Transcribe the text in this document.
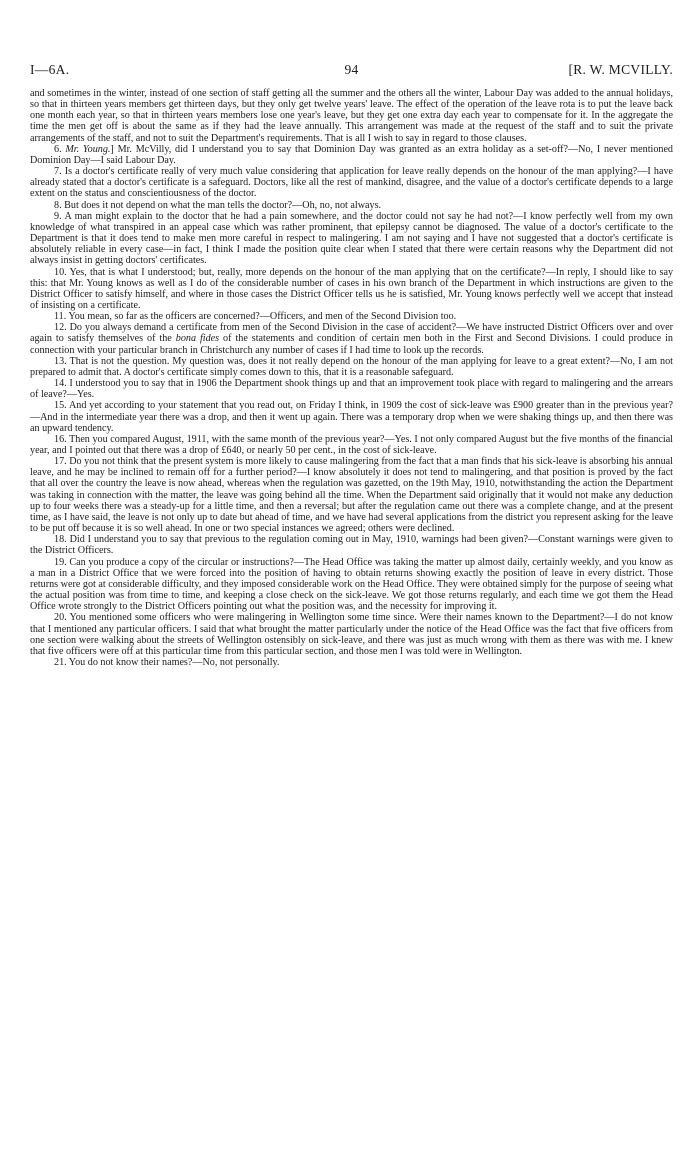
I—6A.	94	[R. W. MCVILLY.

and sometimes in the winter, instead of one section of staff getting all the summer and the others all the winter, Labour Day was added to the annual holidays, so that in thirteen years members get thirteen days, but they only get twelve years' leave. The effect of the operation of the leave rota is to put the leave back one month each year, so that in thirteen years members lose one year's leave, but they get one extra day each year to compensate for it. In the aggregate the time the men get off is about the same as if they had the leave annually. This arrangement was made at the request of the staff and to suit the private arrangements of the staff, and not to suit the Department's requirements. That is all I wish to say in regard to those clauses.

6. Mr. Young.] Mr. McVilly, did I understand you to say that Dominion Day was granted as an extra holiday as a set-off?—No, I never mentioned Dominion Day—I said Labour Day.

7. Is a doctor's certificate really of very much value considering that application for leave really depends on the honour of the man applying?—I have already stated that a doctor's certificate is a safeguard. Doctors, like all the rest of mankind, disagree, and the value of a doctor's certificate depends to a large extent on the status and conscientiousness of the doctor.

8. But does it not depend on what the man tells the doctor?—Oh, no, not always.

9. A man might explain to the doctor that he had a pain somewhere, and the doctor could not say he had not?—I know perfectly well from my own knowledge of what transpired in an appeal case which was rather prominent, that epilepsy cannot be diagnosed. The value of a doctor's certificate to the Department is that it does tend to make men more careful in respect to malingering. I am not saying and I have not suggested that a doctor's certificate is absolutely reliable in every case—in fact, I think I made the position quite clear when I stated that there were certain reasons why the Department did not always insist in getting doctors' certificates.

10. Yes, that is what I understood; but, really, more depends on the honour of the man applying that on the certificate?—In reply, I should like to say this: that Mr. Young knows as well as I do of the considerable number of cases in his own branch of the Department in which instructions are given to the District Officer to satisfy himself, and where in those cases the District Officer tells us he is satisfied, Mr. Young knows perfectly well we accept that instead of insisting on a certificate.

11. You mean, so far as the officers are concerned?—Officers, and men of the Second Division too.

12. Do you always demand a certificate from men of the Second Division in the case of accident?—We have instructed District Officers over and over again to satisfy themselves of the bona fides of the statements and condition of certain men both in the First and Second Divisions. I could produce in connection with your particular branch in Christchurch any number of cases if I had time to look up the records.

13. That is not the question. My question was, does it not really depend on the honour of the man applying for leave to a great extent?—No, I am not prepared to admit that. A doctor's certificate simply comes down to this, that it is a reasonable safeguard.

14. I understood you to say that in 1906 the Department shook things up and that an improvement took place with regard to malingering and the arrears of leave?—Yes.

15. And yet according to your statement that you read out, on Friday I think, in 1909 the cost of sick-leave was £900 greater than in the previous year?—And in the intermediate year there was a drop, and then it went up again. There was a temporary drop when we were shaking things up, and then there was an upward tendency.

16. Then you compared August, 1911, with the same month of the previous year?—Yes. I not only compared August but the five months of the financial year, and I pointed out that there was a drop of £640, or nearly 50 per cent., in the cost of sick-leave.

17. Do you not think that the present system is more likely to cause malingering from the fact that a man finds that his sick-leave is absorbing his annual leave, and he may be inclined to remain off for a further period?—I know absolutely it does not tend to malingering, and that position is proved by the fact that all over the country the leave is now ahead, whereas when the regulation was gazetted, on the 19th May, 1910, notwithstanding the action the Department was taking in connection with the matter, the leave was going behind all the time. When the Department said originally that it would not make any deduction up to four weeks there was a steady-up for a little time, and then a reversal; but after the regulation came out there was a complete change, and at the present time, as I have said, the leave is not only up to date but ahead of time, and we have had several applications from the district you represent asking for the leave to be put off because it is so well ahead. In one or two special instances we agreed; others were declined.

18. Did I understand you to say that previous to the regulation coming out in May, 1910, warnings had been given?—Constant warnings were given to the District Officers.

19. Can you produce a copy of the circular or instructions?—The Head Office was taking the matter up almost daily, certainly weekly, and you know as a man in a District Office that we were forced into the position of having to obtain returns showing exactly the position of leave in every district. Those returns were got at considerable difficulty, and they imposed considerable work on the Head Office. They were obtained simply for the purpose of seeing what the actual position was from time to time, and keeping a close check on the sick-leave. We got those returns regularly, and each time we got them the Head Office wrote strongly to the District Officers pointing out what the position was, and the necessity for improving it.

20. You mentioned some officers who were malingering in Wellington some time since. Were their names known to the Department?—I do not know that I mentioned any particular officers. I said that what brought the matter particularly under the notice of the Head Office was the fact that five officers from one section were walking about the streets of Wellington ostensibly on sick-leave, and there was just as much wrong with them as there was with me. I knew that five officers were off at this particular time from this particular section, and those men I was told were in Wellington.

21. You do not know their names?—No, not personally.
